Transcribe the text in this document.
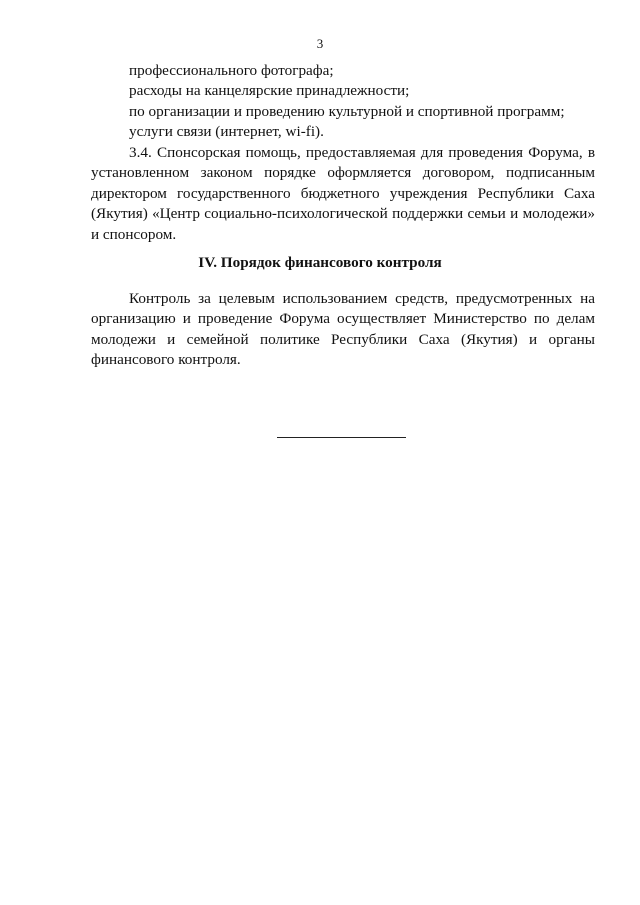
3

профессионального фотографа;

расходы на канцелярские принадлежности;

по организации и проведению культурной и спортивной программ;

услуги связи (интернет, wi-fi).

3.4. Спонсорская помощь, предоставляемая для проведения Форума, в установленном законом порядке оформляется договором, подписанным директором государственного бюджетного учреждения Республики Саха (Якутия) «Центр социально-психологической поддержки семьи и молодежи» и спонсором.

IV. Порядок финансового контроля

Контроль за целевым использованием средств, предусмотренных на организацию и проведение Форума осуществляет Министерство по делам молодежи и семейной политике Республики Саха (Якутия) и органы финансового контроля.
